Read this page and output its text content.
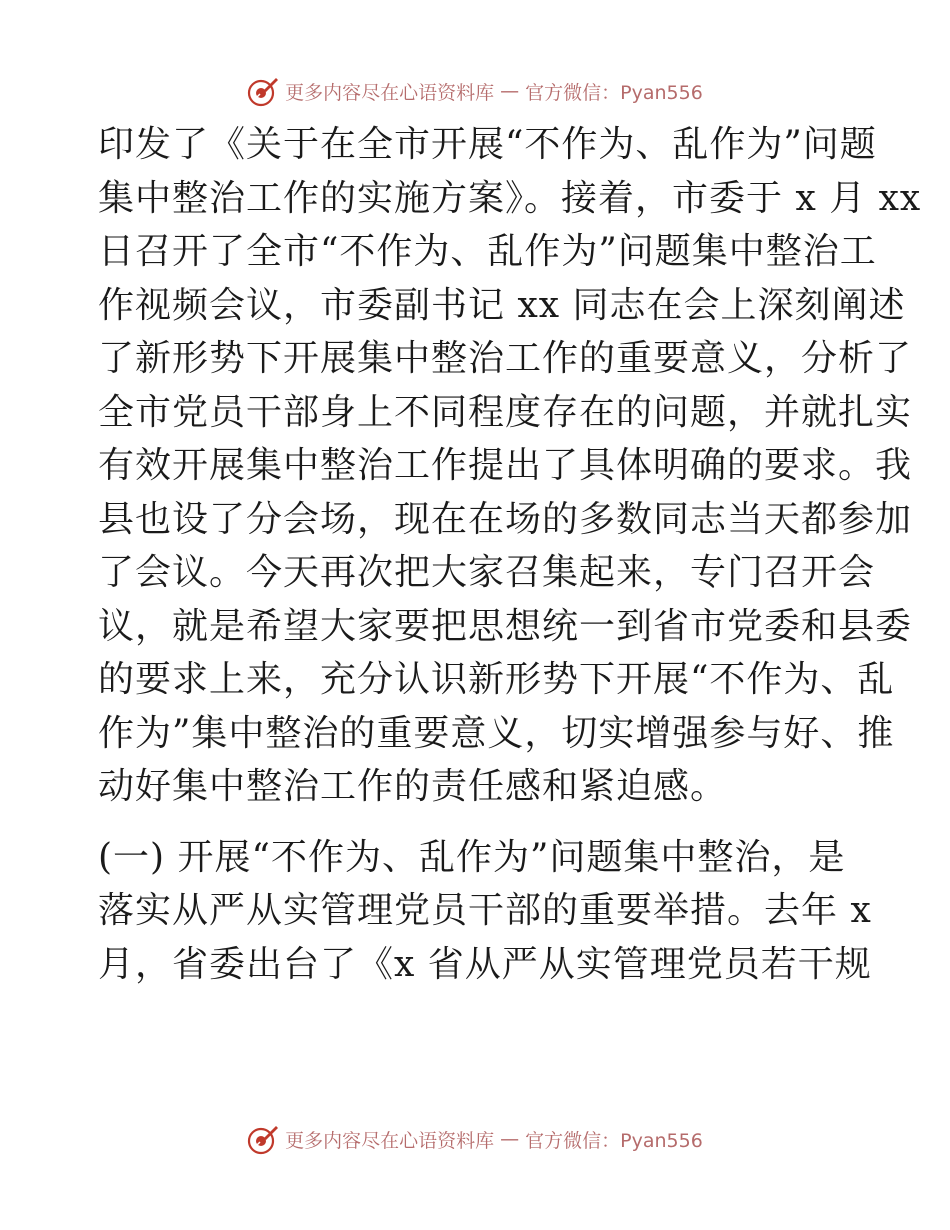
更多内容尽在心语资料库 — 官方微信：Pyan556
印发了《关于在全市开展“不作为、乱作为”问题
集中整治工作的实施方案》。接着，市委于 x 月 xx
日召开了全市“不作为、乱作为”问题集中整治工
作视频会议，市委副书记 xx 同志在会上深刻阐述
了新形势下开展集中整治工作的重要意义，分析了
全市党员干部身上不同程度存在的问题，并就扎实
有效开展集中整治工作提出了具体明确的要求。我
县也设了分会场，现在在场的多数同志当天都参加
了会议。今天再次把大家召集起来，专门召开会
议，就是希望大家要把思想统一到省市党委和县委
的要求上来，充分认识新形势下开展“不作为、乱
作为”集中整治的重要意义，切实增强参与好、推
动好集中整治工作的责任感和紧迫感。
(一) 开展“不作为、乱作为”问题集中整治，是
落实从严从实管理党员干部的重要举措。去年 x
月，省委出台了《x 省从严从实管理党员若干规
更多内容尽在心语资料库 — 官方微信：Pyan556
